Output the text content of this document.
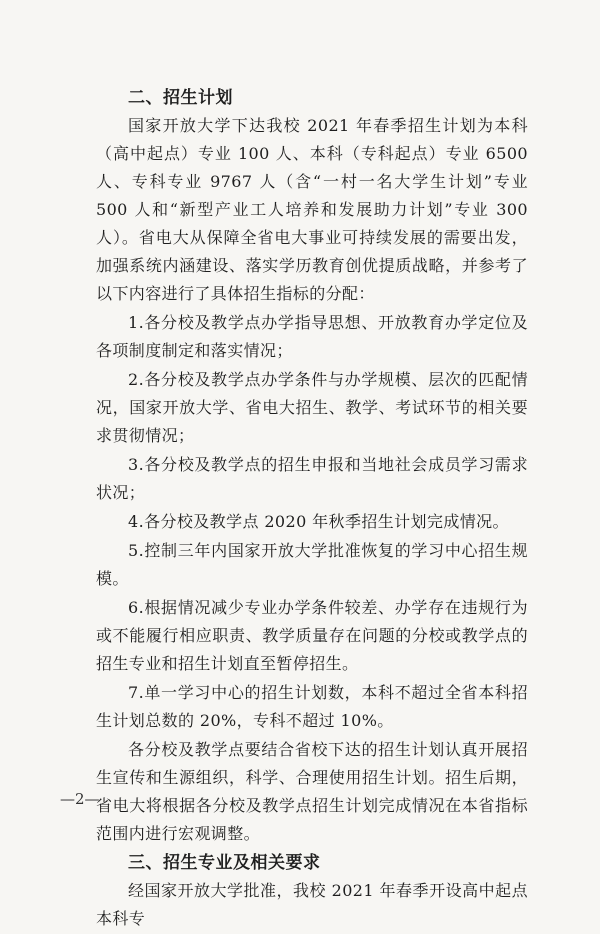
二、招生计划

国家开放大学下达我校 2021 年春季招生计划为本科（高中起点）专业 100 人、本科（专科起点）专业 6500 人、专科专业 9767 人（含“一村一名大学生计划”专业 500 人和“新型产业工人培养和发展助力计划”专业 300 人）。省电大从保障全省电大事业可持续发展的需要出发，加强系统内涵建设、落实学历教育创优提质战略，并参考了以下内容进行了具体招生指标的分配：

1.各分校及教学点办学指导思想、开放教育办学定位及各项制度制定和落实情况；

2.各分校及教学点办学条件与办学规模、层次的匹配情况，国家开放大学、省电大招生、教学、考试环节的相关要求贯彻情况；

3.各分校及教学点的招生申报和当地社会成员学习需求状况；

4.各分校及教学点 2020 年秋季招生计划完成情况。

5.控制三年内国家开放大学批准恢复的学习中心招生规模。

6.根据情况减少专业办学条件较差、办学存在违规行为或不能履行相应职责、教学质量存在问题的分校或教学点的招生专业和招生计划直至暂停招生。

7.单一学习中心的招生计划数，本科不超过全省本科招生计划总数的 20%，专科不超过 10%。

各分校及教学点要结合省校下达的招生计划认真开展招生宣传和生源组织，科学、合理使用招生计划。招生后期，省电大将根据各分校及教学点招生计划完成情况在本省指标范围内进行宏观调整。

三、招生专业及相关要求

经国家开放大学批准，我校 2021 年春季开设高中起点本科专

—2—
